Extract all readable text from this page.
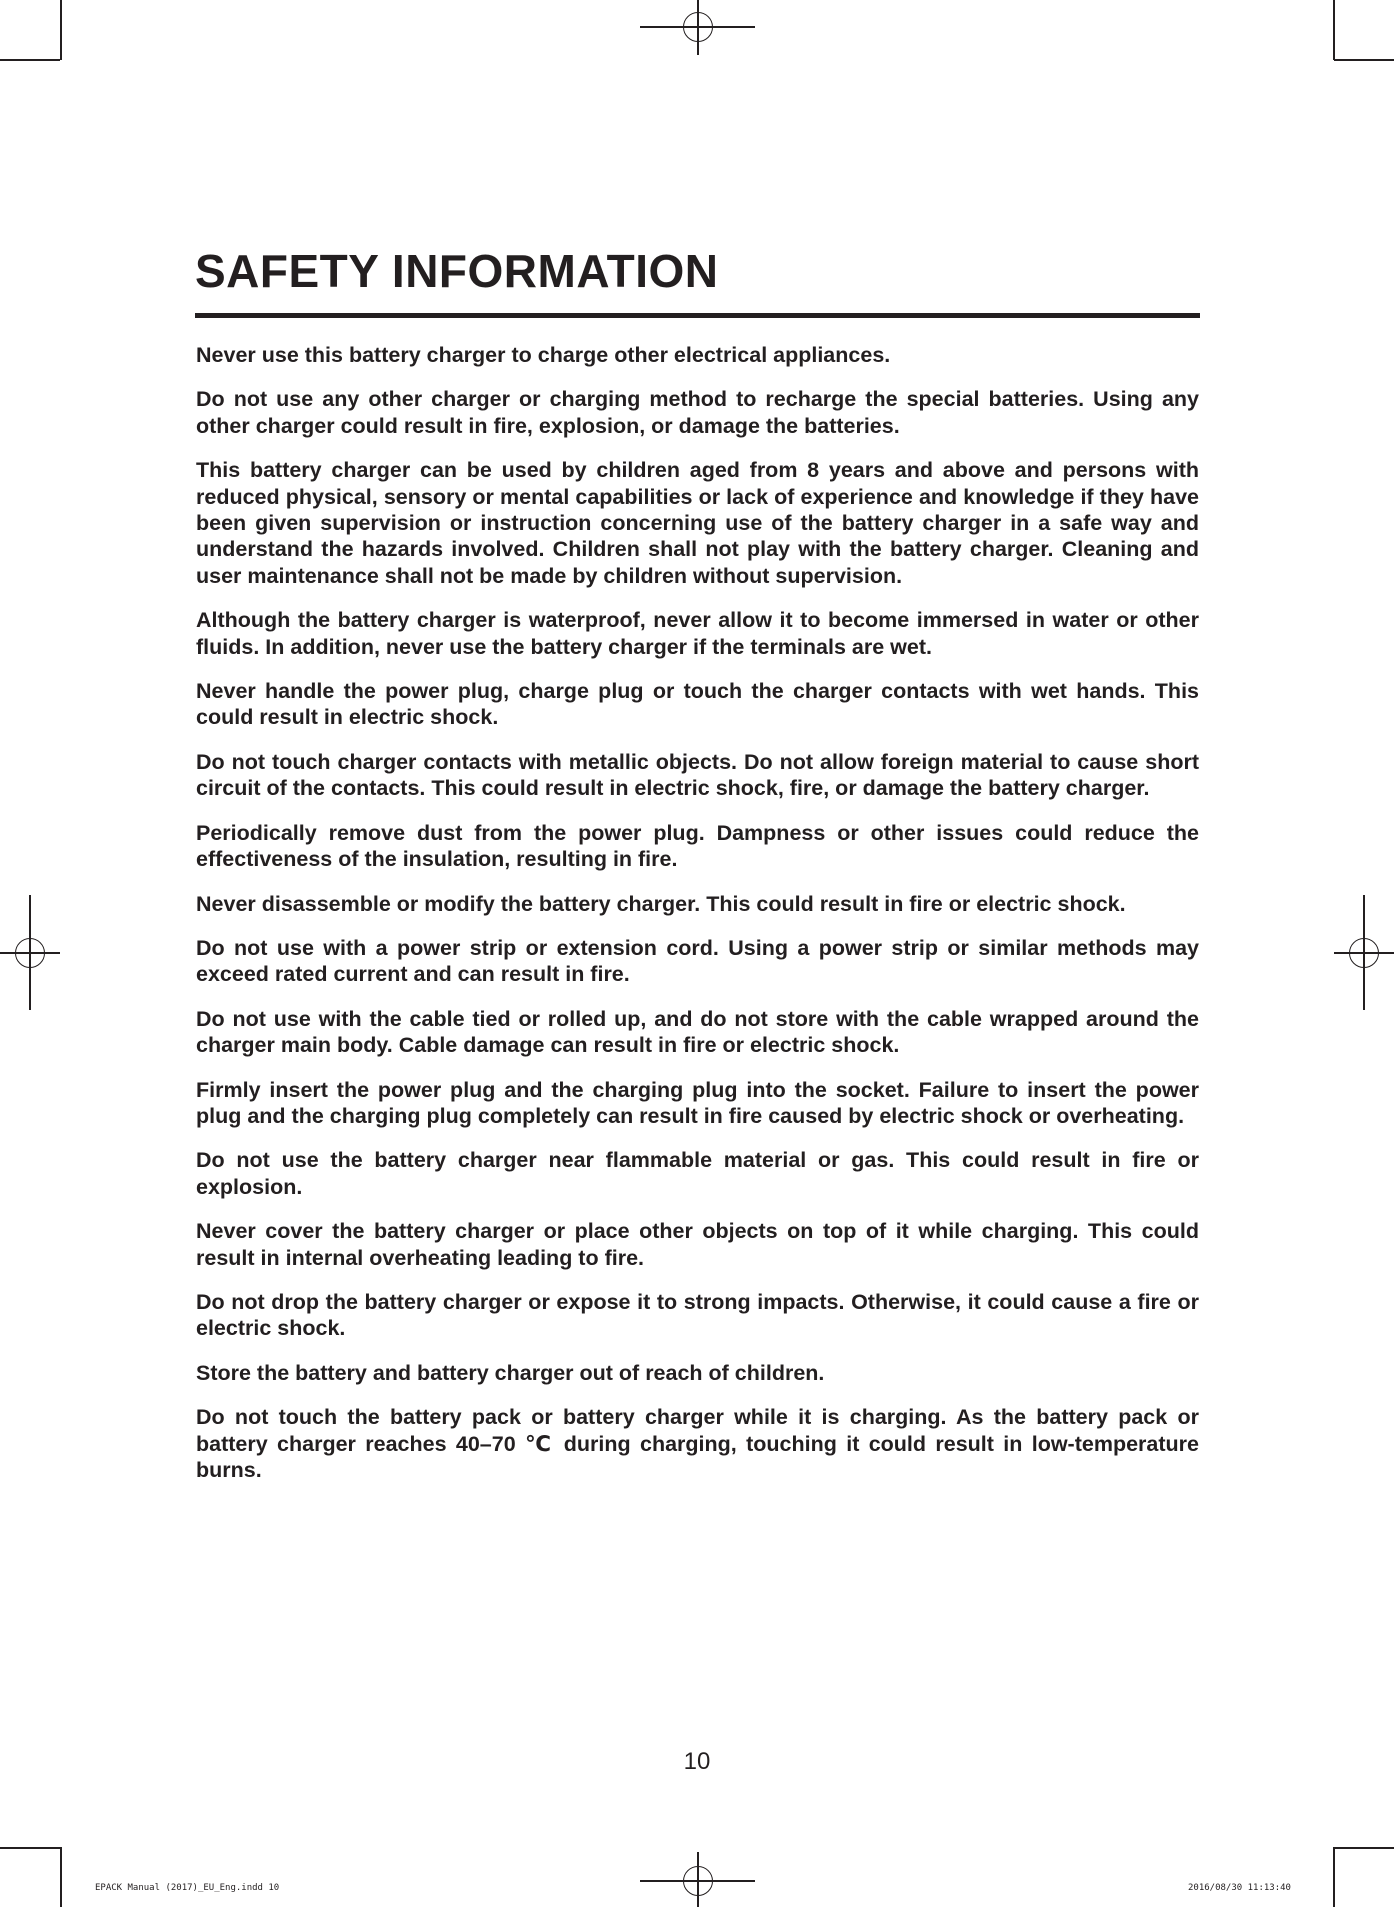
SAFETY INFORMATION

Never use this battery charger to charge other electrical appliances.

Do not use any other charger or charging method to recharge the special batteries. Using any other charger could result in fire, explosion, or damage the batteries.

This battery charger can be used by children aged from 8 years and above and persons with reduced physical, sensory or mental capabilities or lack of experience and knowledge if they have been given supervision or instruction concerning use of the battery charger in a safe way and understand the hazards involved. Children shall not play with the battery charger. Cleaning and user maintenance shall not be made by children without supervision.

Although the battery charger is waterproof, never allow it to become immersed in water or other fluids. In addition, never use the battery charger if the terminals are wet.

Never handle the power plug, charge plug or touch the charger contacts with wet hands. This could result in electric shock.

Do not touch charger contacts with metallic objects. Do not allow foreign material to cause short circuit of the contacts. This could result in electric shock, fire, or damage the battery charger.

Periodically remove dust from the power plug. Dampness or other issues could reduce the effectiveness of the insulation, resulting in fire.

Never disassemble or modify the battery charger. This could result in fire or electric shock.

Do not use with a power strip or extension cord. Using a power strip or similar methods may exceed rated current and can result in fire.

Do not use with the cable tied or rolled up, and do not store with the cable wrapped around the charger main body. Cable damage can result in fire or electric shock.

Firmly insert the power plug and the charging plug into the socket. Failure to insert the power plug and the charging plug completely can result in fire caused by electric shock or overheating.

Do not use the battery charger near flammable material or gas. This could result in fire or explosion.

Never cover the battery charger or place other objects on top of it while charging. This could result in internal overheating leading to fire.

Do not drop the battery charger or expose it to strong impacts. Otherwise, it could cause a fire or electric shock.

Store the battery and battery charger out of reach of children.

Do not touch the battery pack or battery charger while it is charging. As the battery pack or battery charger reaches 40–70 ℃ during charging, touching it could result in low-temperature burns.

10
EPACK Manual (2017)_EU_Eng.indd 10	2016/08/30 11:13:40
